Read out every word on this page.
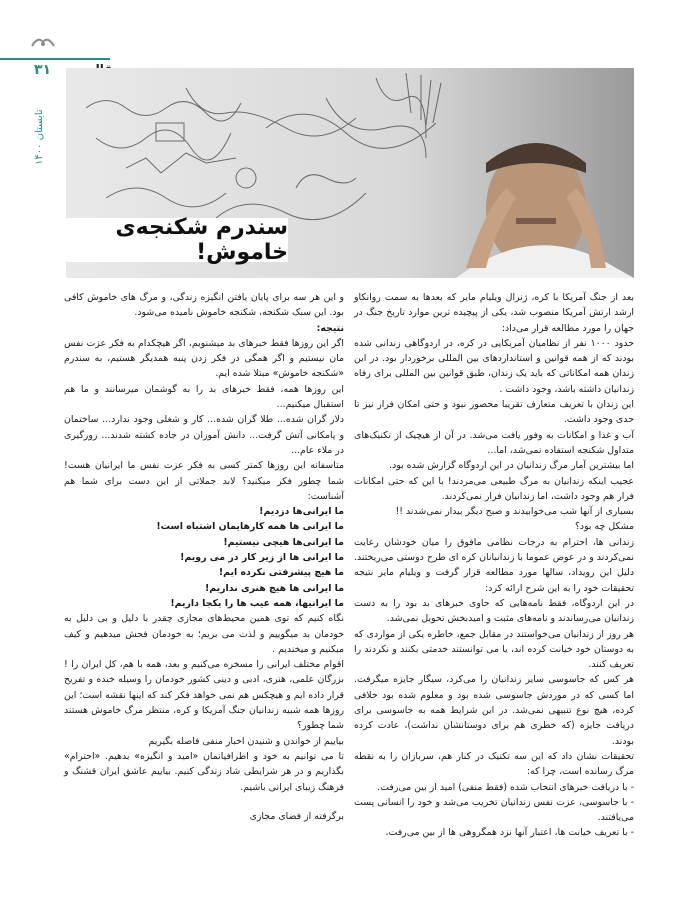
۳۱
تابستان ۱۴۰۰
سندرم شکنجه‌ی خاموش!

بعد از جنگ آمریکا با کره، ژنرال ویلیام مایر که بعدها به سمت روانکاو ارشد ارتش آمریکا منصوب شد، یکی از پیچیده ترین موارد تاریخ جنگ در جهان را مورد مطالعه قرار می‌داد:

حدود ۱۰۰۰ نفر از نظامیان آمریکایی در کره، در اردوگاهی زندانی شده بودند که از همه قوانین و استانداردهای بین المللی برخوردار بود. در این زندان همه امکاناتی که باید یک زندان، طبق قوانین بین المللی برای رفاه زندانیان داشته باشد، وجود داشت .

این زندان با تعریف متعارف تقریبا محصور نبود و حتی امکان فرار نیز تا حدی وجود داشت.

آب و غذا و امکانات به وفور یافت می‌شد. در آن از هیچیک از تکنیک‌های متداول شکنجه استفاده نمی‌شد، اما...

اما بیشترین آمار مرگ زندانیان در این اردوگاه گزارش شده بود.

عجیب اینکه زندانیان به مرگ طبیعی می‌مردند! با این که حتی امکانات فرار هم وجود داشت، اما زندانیان فرار نمی‌کردند.

بسیاری از آنها شب می‌خوابیدند و صبح دیگر بیدار نمی‌شدند !!

مشکل چه بود؟

زندانی ها، احترام به درجات نظامی مافوق را میان خودشان رعایت نمی‌کردند و در عوض عموما با زندانبانان کره ای طرح دوستی می‌ریختند. دلیل این رویداد، سالها مورد مطالعه قرار گرفت و ویلیام مایر نتیجه تحقیقات خود را به این شرح ارائه کرد:

در این اردوگاه، فقط نامه‌هایی که حاوی خبرهای بد بود را به دست زندانیان می‌رساندند و نامه‌های مثبت و امیدبخش تحویل نمی‌شد.

هر روز از زندانیان می‌خواستند در مقابل جمع، خاطره یکی از مواردی که به دوستان خود خیانت کرده اند، یا می توانستند خدمتی بکنند و نکردند را تعریف کنند.

هر کس که جاسوسی سایر زندانیان را می‌کرد، سیگار جایزه میگرفت. اما کسی که در موردش جاسوسی شده بود و معلوم شده بود خلافی کرده، هیچ نوع تنبیهی نمی‌شد. در این شرایط همه به جاسوسی برای دریافت جایزه (که خطری هم برای دوستانشان نداشت)، عادت کرده بودند.

تحقیقات نشان داد که این سه تکنیک در کنار هم، سربازان را به نقطه مرگ رسانده است، چرا که:

- با دریافت خبرهای انتخاب شده (فقط منفی) امید از بین می‌رفت.

- با جاسوسی، عزت نفس زندانیان تخریب می‌شد و خود را انسانی پست می‌یافتند.

- با تعریف خیانت ها، اعتبار آنها نزد همگروهی ها از بین می‌رفت.

و این هر سه برای پایان یافتن انگیزه زندگی، و مرگ های خاموش کافی بود. این سبک شکنجه، شکنجه خاموش نامیده می‌شود.

نتیجه:

اگر این روزها فقط خبرهای بد میشنویم، اگر هیچکدام به فکر عزت نفس مان نیستیم و اگر همگی در فکر زدن پنبه همدیگر هستیم، به سندرم «شکنجه خاموش» مبتلا شده ایم.

این روزها همه، فقط خبرهای بد را به گوشمان میرسانند و ما هم استقبال میکنیم...

دلار گران شده... طلا گران شده... کار و شغلی وجود ندارد... ساختمان و پامکانی آتش گرفت... دانش آموزان در جاده کشته شدند... زورگیری در ملاء عام...

متاسفانه این روزها کمتر کسی به فکر عزت نفس ما ایرانیان هست! شما چطور فکر میکنید؟ لابد جملاتی از این دست برای شما هم آشناست:

ما ایرانی‌ها دزدیم!

ما ایرانی ها همه کارهایمان اشتباه است!

ما ایرانی‌ها هیچی نیستیم!

ما ایرانی ها از زیر کار در می رویم!

ما هیچ پیشرفتی نکرده ایم!

ما ایرانی ها هیچ هنری نداریم!

ما ایرانیها، همه عیب ها را یکجا داریم!

نگاه کنیم که توی همین محیط‌های مجازی چقدر با دلیل و بی دلیل به خودمان بد میگوییم و لذت می بریم؛ به خودمان فحش میدهیم و کیف میکنیم و میخندیم .

اقوام مختلف ایرانی را مسخره می‌کنیم و بعد، همه با هم، کل ایران را ! بزرگان علمی، هنری، ادبی و دینی کشور خودمان را وسیله خنده و تفریح قرار داده ایم و هیچکس هم نمی خواهد فکر کند که اینها نقشه است؛ این روزها همه شبیه زندانیان جنگ آمریکا و کره، منتظر مرگ خاموش هستند شما چطور؟

بیاییم از خواندن و شنیدن اخبار منفی فاصله بگیریم

تا می توانیم به خود و اطرافیانمان «امید و انگیزه» بدهیم. «احترام» بگذاریم و در هر شرایطی شاد زندگی کنیم. بیاییم عاشق ایران قشنگ و فرهنگ زیبای ایرانی باشیم.

برگرفته از فضای مجازی
